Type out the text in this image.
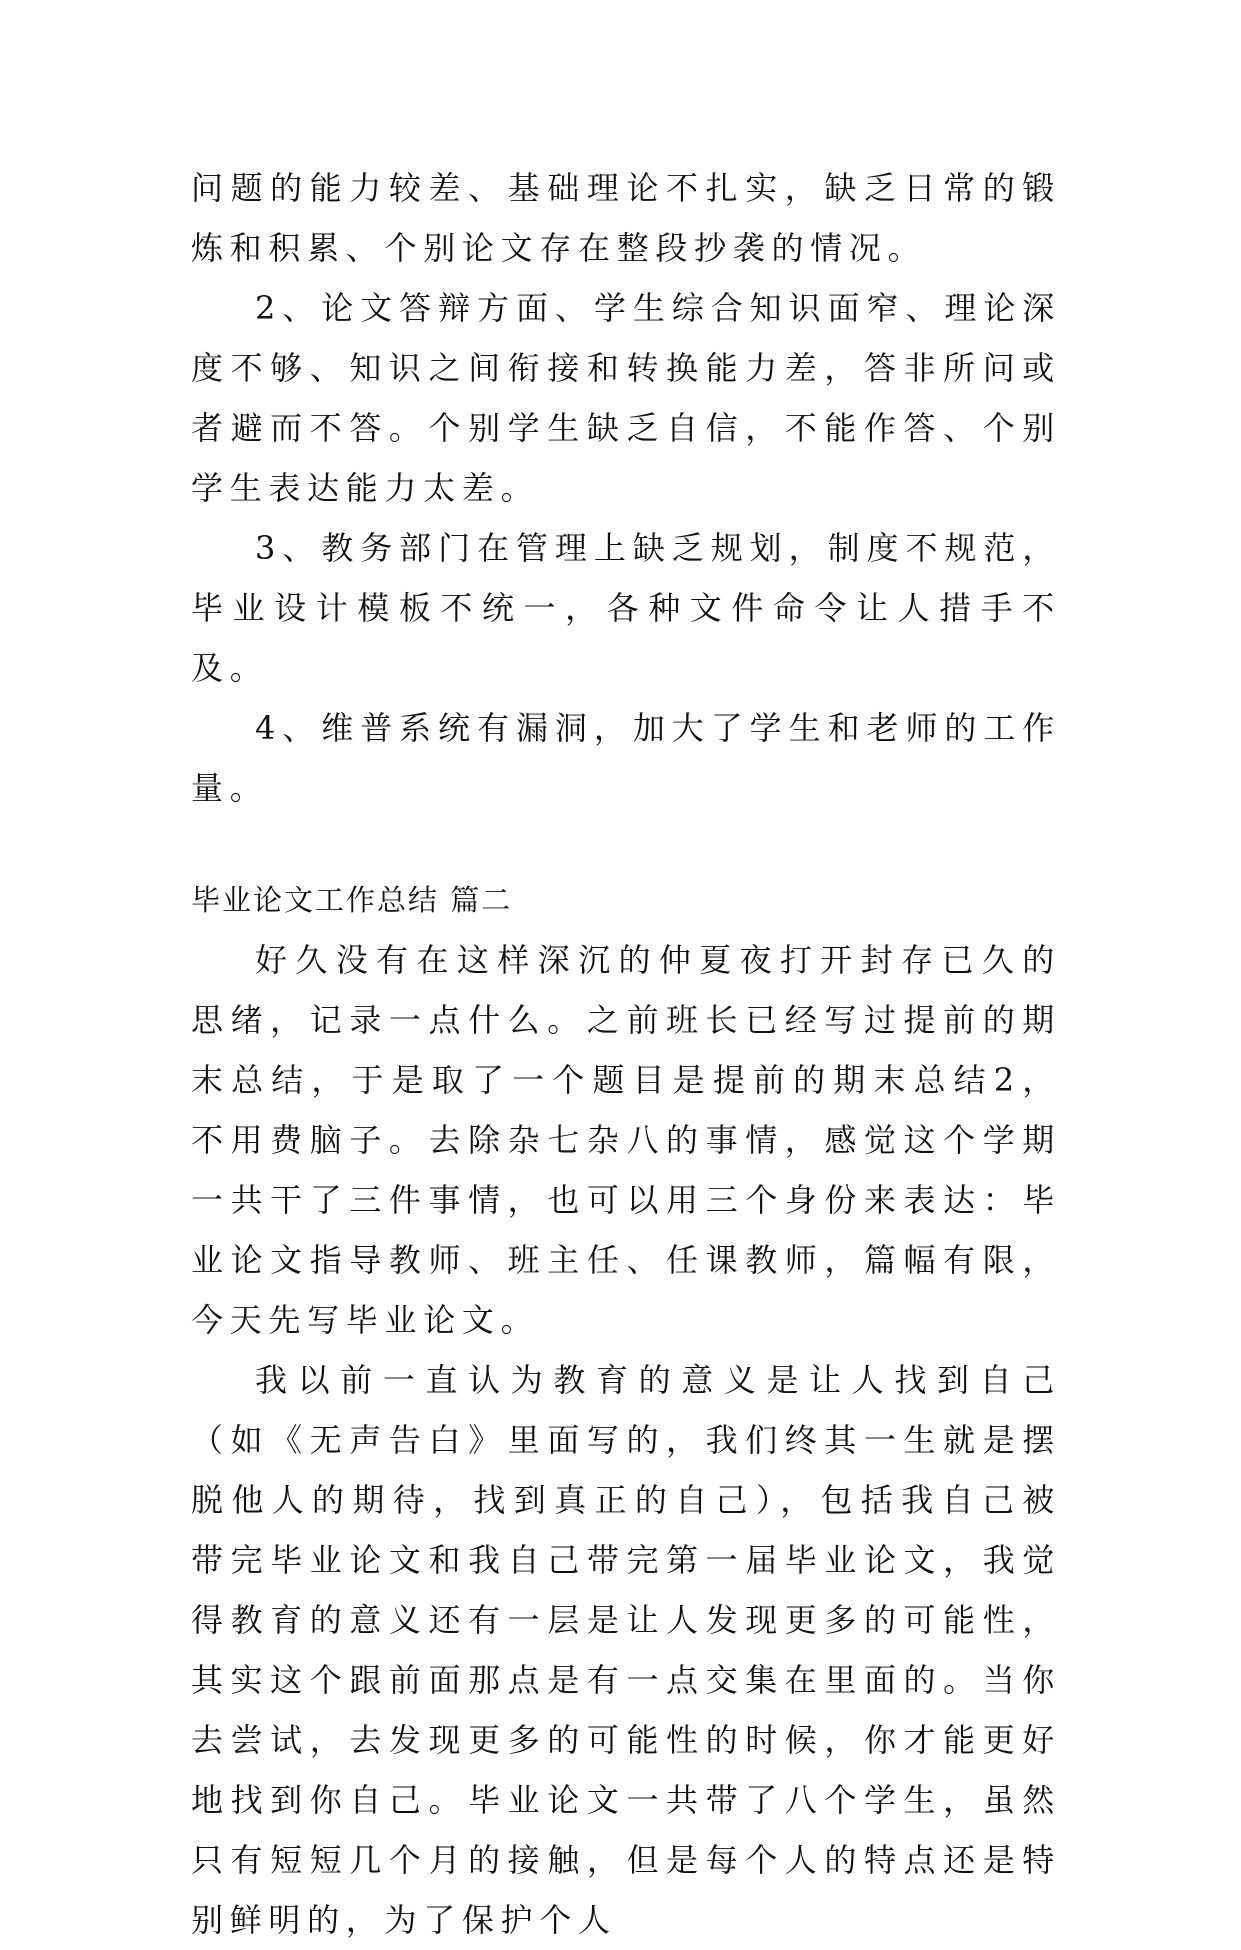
问题的能力较差、基础理论不扎实，缺乏日常的锻炼和积累、个别论文存在整段抄袭的情况。

2、论文答辩方面、学生综合知识面窄、理论深度不够、知识之间衔接和转换能力差，答非所问或者避而不答。个别学生缺乏自信，不能作答、个别学生表达能力太差。

3、教务部门在管理上缺乏规划，制度不规范，毕业设计模板不统一，各种文件命令让人措手不及。

4、维普系统有漏洞，加大了学生和老师的工作量。

毕业论文工作总结 篇二

好久没有在这样深沉的仲夏夜打开封存已久的思绪，记录一点什么。之前班长已经写过提前的期末总结，于是取了一个题目是提前的期末总结2，不用费脑子。去除杂七杂八的事情，感觉这个学期一共干了三件事情，也可以用三个身份来表达：毕业论文指导教师、班主任、任课教师，篇幅有限，今天先写毕业论文。

我以前一直认为教育的意义是让人找到自己（如《无声告白》里面写的，我们终其一生就是摆脱他人的期待，找到真正的自己），包括我自己被带完毕业论文和我自己带完第一届毕业论文，我觉得教育的意义还有一层是让人发现更多的可能性，其实这个跟前面那点是有一点交集在里面的。当你去尝试，去发现更多的可能性的时候，你才能更好地找到你自己。毕业论文一共带了八个学生，虽然只有短短几个月的接触，但是每个人的特点还是特别鲜明的，为了保护个人
